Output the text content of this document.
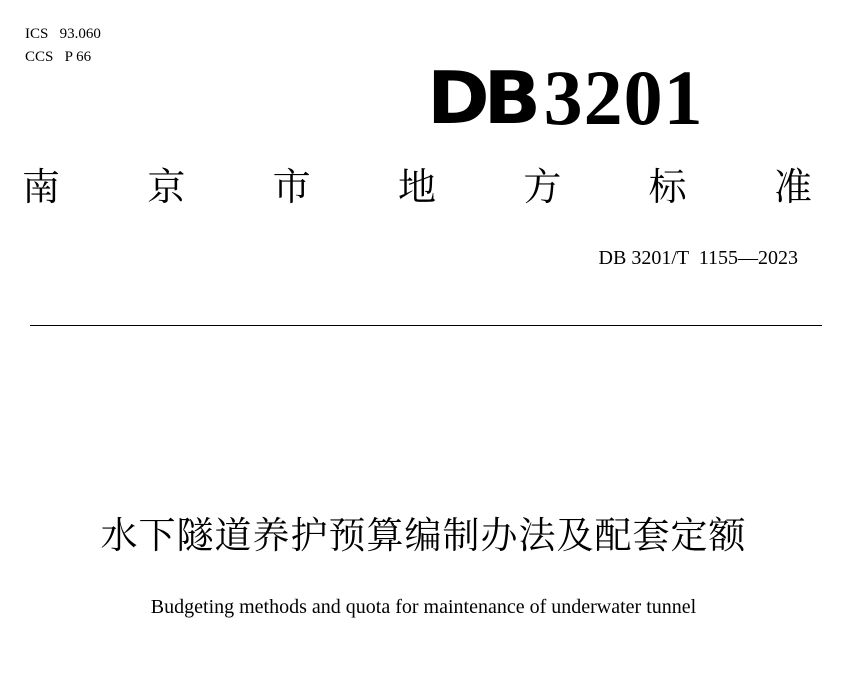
ICS   93.060
CCS   P 66	DB 3201
南 京 市 地 方 标 准
DB 3201/T  1155—2023
水下隧道养护预算编制办法及配套定额
Budgeting methods and quota for maintenance of underwater tunnel
